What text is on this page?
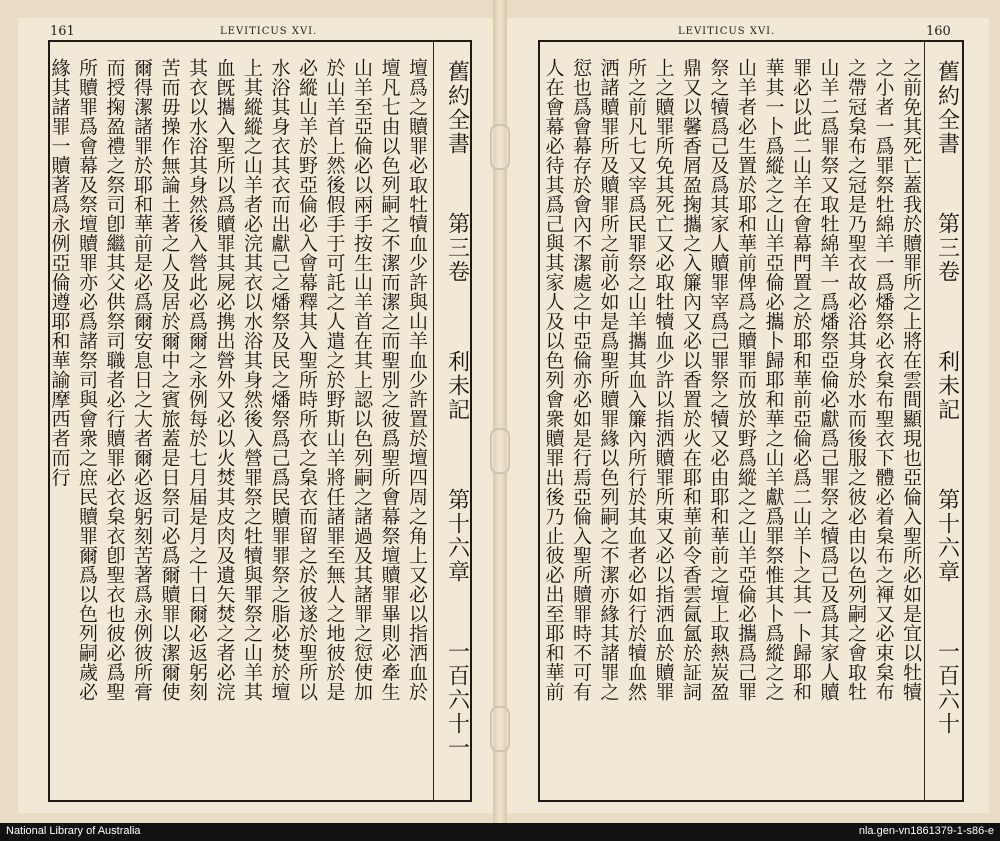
161	LEVITICUS XVI.
舊約全書
第三卷
利未記
第十六章
一百六十一
壇爲之贖罪必取牡犢血少許與山羊血少許置於壇四周之角上又必以指洒血於
壇凡七由以色列嗣之不潔而潔之而聖別之彼爲聖所會幕祭壇贖罪畢則必牽生
山羊至亞倫必以兩手按生山羊首在其上認以色列嗣之諸過及其諸罪之愆使加
於山羊首上然後假手于可託之人遣之於野斯山羊將任諸罪至無人之地彼於是
必縱山羊於野亞倫必入會幕釋其入聖所時所衣之枲衣而留之於彼遂於聖所以
水浴其身衣其衣而出獻己之燔祭及民之燔祭爲己爲民贖罪罪祭之脂必焚於壇
上其縱縱之山羊者必浣其衣以水浴其身然後入營罪祭之牡犢與罪祭之山羊其
血旣攜入聖所以爲贖罪其屍必携出營外又必以火焚其皮肉及遺矢焚之者必浣
其衣以水浴其身然後入營此必爲爾之永例每於七月届是月之十日爾必返躬刻
苦而毋操作無論土著之人及居於爾中之賓旅蓋是日祭司必爲爾贖罪以潔爾使
爾得潔諸罪於耶和華前是必爲爾安息日之大者爾必返躬刻苦著爲永例彼所膏
而授掬盈禮之祭司卽繼其父供祭司職者必行贖罪必衣枲衣卽聖衣也彼必爲聖
所贖罪爲會幕及祭壇贖罪亦必爲諸祭司與會衆之庶民贖罪爾爲以色列嗣歲必
緣其諸罪一贖著爲永例亞倫遵耶和華諭摩西者而行
LEVITICUS XVI.	160
舊約全書
第三卷
利未記
第十六章
一百六十
之前免其死亡蓋我於贖罪所之上將在雲間顯現也亞倫入聖所必如是宜以牡犢
之小者一爲罪祭牡綿羊一爲燔祭必衣枲布聖衣下體必着枲布之褌又必束枲布
之帶冠枲布之冠是乃聖衣故必浴其身於水而後服之彼必由以色列嗣之會取牡
山羊二爲罪祭又取牡綿羊一爲燔祭亞倫必獻爲己罪祭之犢爲己及爲其家人贖
罪必以此二山羊在會幕門置之於耶和華前亞倫必爲二山羊卜之其一卜歸耶和
華其一卜爲縱之之山羊亞倫必攜卜歸耶和華之山羊獻爲罪祭惟其卜爲縱之之
山羊者必生置於耶和華前俾爲之贖罪而放於野爲縱之之山羊亞倫必攜爲己罪
祭之犢爲己及爲其家人贖罪宰爲己罪祭之犢又必由耶和華前之壇上取熱炭盈
鼎又以馨香屑盈掬攜之入簾內又必以香置於火在耶和華前令香雲氤氳於証詞
上之贖罪所免其死亡又必取牡犢血少許以指洒贖罪所東又必以指洒血於贖罪
所之前凡七又宰爲民罪祭之山羊攜其血入簾內所行於其血者必如行於犢血然
洒諸贖罪所及贖罪所之前必如是爲聖所贖罪緣以色列嗣之不潔亦緣其諸罪之
愆也爲會幕存於會內不潔處之中亞倫亦必如是行焉亞倫入聖所贖罪時不可有
人在會幕必待其爲己與其家人及以色列會衆贖罪出後乃止彼必出至耶和華前
National Library of Australia	nla.gen-vn1861379-1-s86-e
